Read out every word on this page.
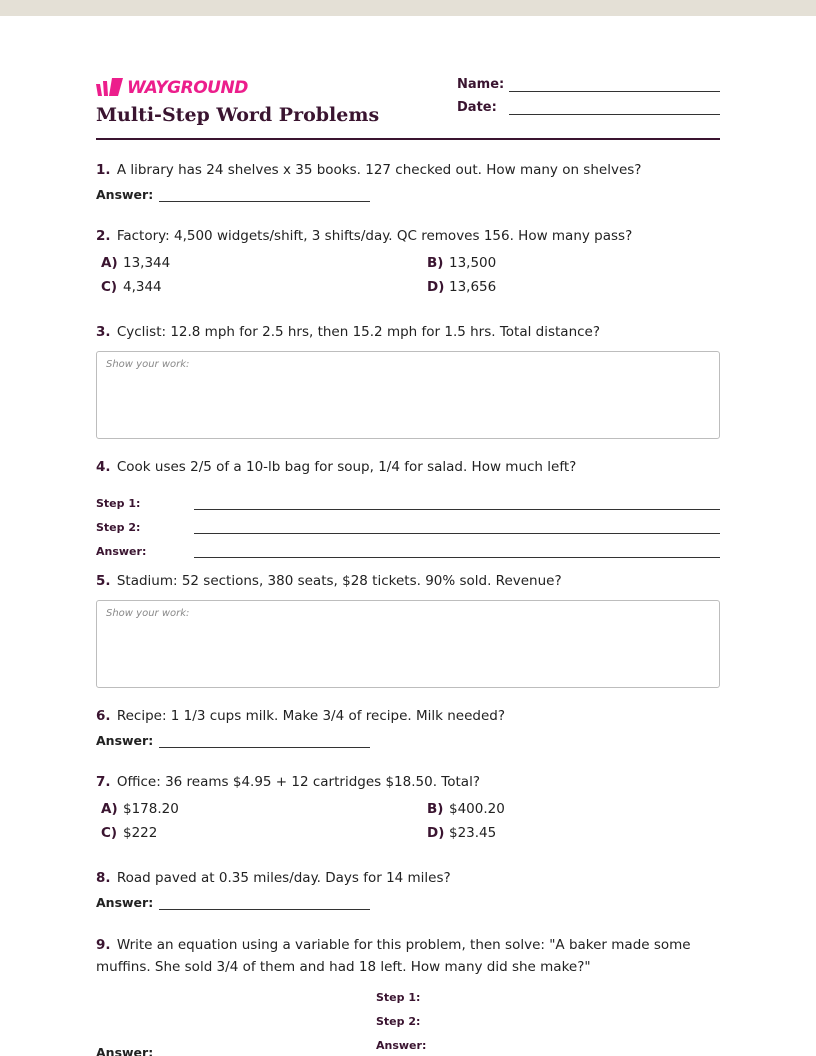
WAYGROUND
Multi-Step Word Problems
Name:
Date:
1. A library has 24 shelves x 35 books. 127 checked out. How many on shelves?
Answer:
2. Factory: 4,500 widgets/shift, 3 shifts/day. QC removes 156. How many pass?
A) 13,344	B) 13,500
C) 4,344	D) 13,656
3. Cyclist: 12.8 mph for 2.5 hrs, then 15.2 mph for 1.5 hrs. Total distance?
Show your work:
4. Cook uses 2/5 of a 10-lb bag for soup, 1/4 for salad. How much left?
Step 1:
Step 2:
Answer:
5. Stadium: 52 sections, 380 seats, $28 tickets. 90% sold. Revenue?
Show your work:
6. Recipe: 1 1/3 cups milk. Make 3/4 of recipe. Milk needed?
Answer:
7. Office: 36 reams $4.95 + 12 cartridges $18.50. Total?
A) $178.20	B) $400.20
C) $222	D) $23.45
8. Road paved at 0.35 miles/day. Days for 14 miles?
Answer:
9. Write an equation using a variable for this problem, then solve: "A baker made some muffins. She sold 3/4 of them and had 18 left. How many did she make?"
Step 1:
Step 2:
Answer:
Answer:
